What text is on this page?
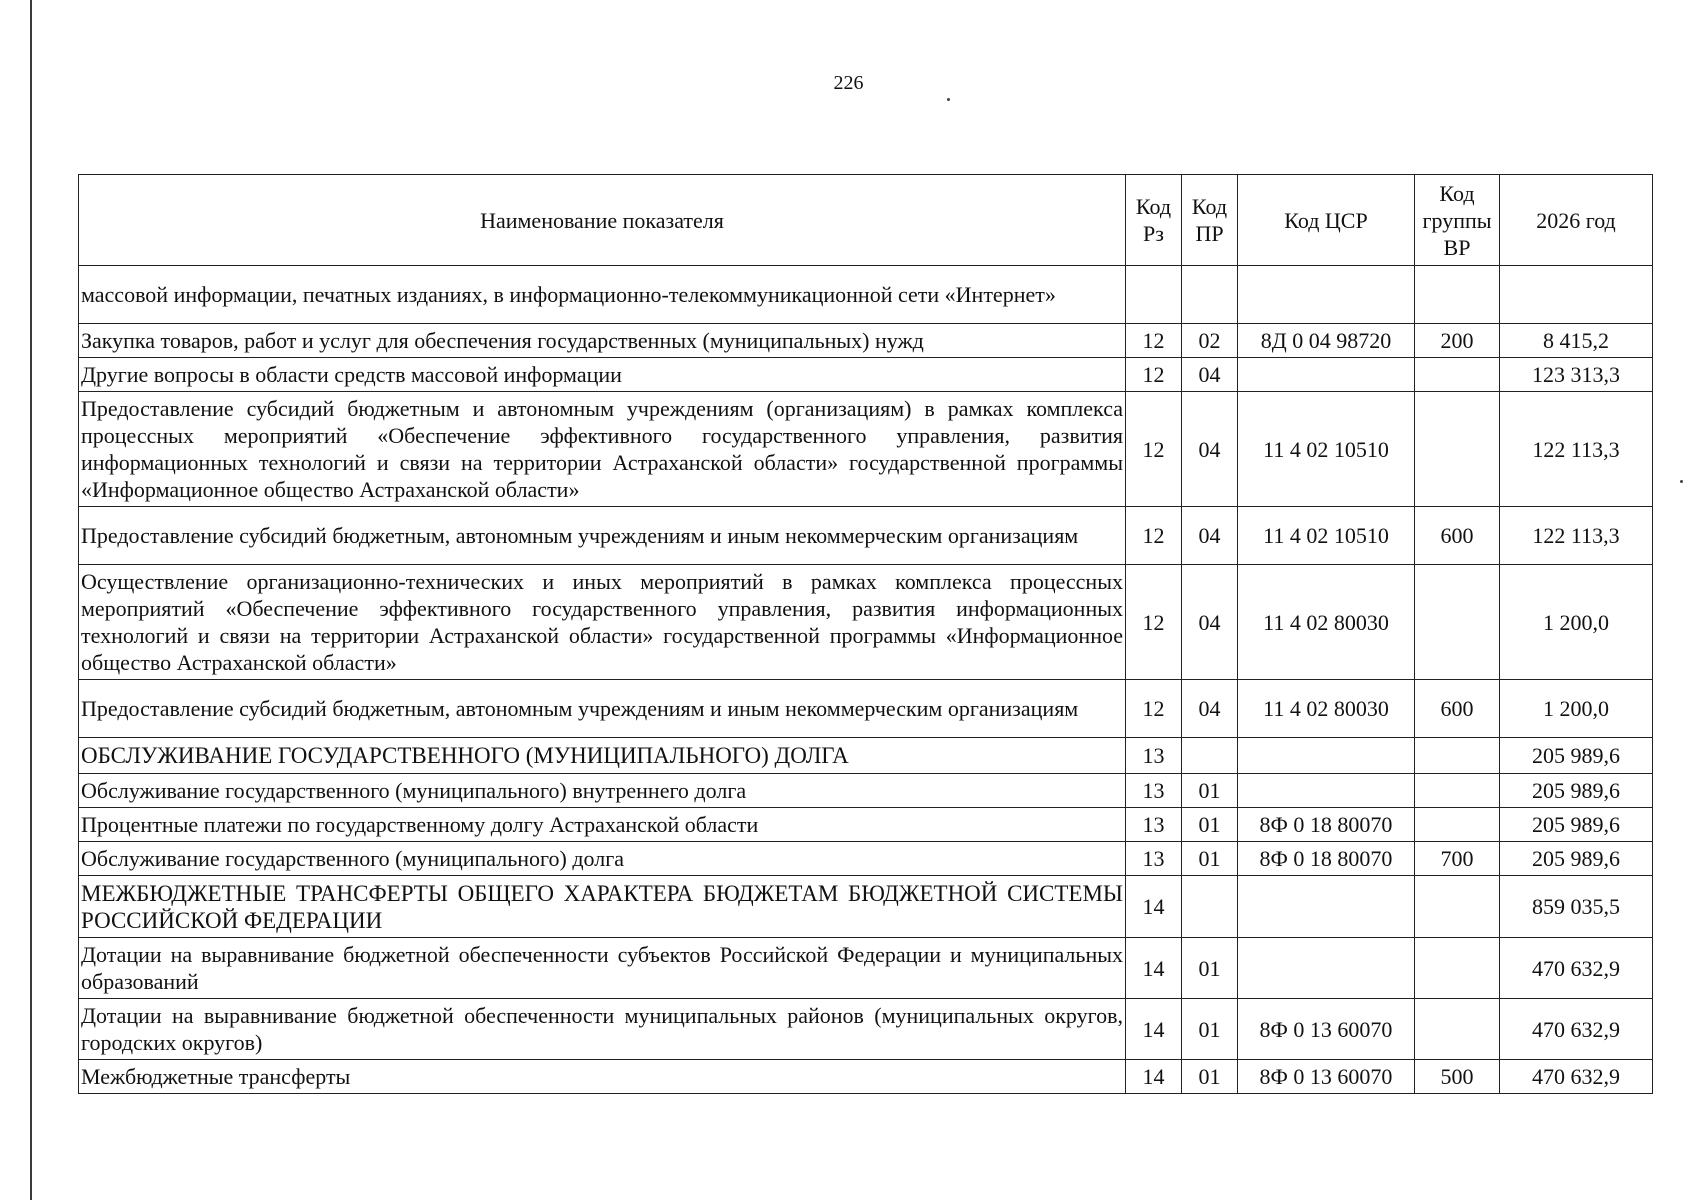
226
Наименование показателя	Код Рз	Код ПР	Код ЦСР	Код группы ВР	2026 год
массовой информации, печатных изданиях, в информационно-телекоммуникационной сети «Интернет»					
Закупка товаров, работ и услуг для обеспечения государственных (муниципальных) нужд	12	02	8Д 0 04 98720	200	8 415,2
Другие вопросы в области средств массовой информации	12	04			123 313,3
Предоставление субсидий бюджетным и автономным учреждениям (организациям) в рамках комплекса процессных мероприятий «Обеспечение эффективного государственного управления, развития информационных технологий и связи на территории Астраханской области» государственной программы «Информационное общество Астраханской области»	12	04	11 4 02 10510		122 113,3
Предоставление субсидий бюджетным, автономным учреждениям и иным некоммерческим организациям	12	04	11 4 02 10510	600	122 113,3
Осуществление организационно-технических и иных мероприятий в рамках комплекса процессных мероприятий «Обеспечение эффективного государственного управления, развития информационных технологий и связи на территории Астраханской области» государственной программы «Информационное общество Астраханской области»	12	04	11 4 02 80030		1 200,0
Предоставление субсидий бюджетным, автономным учреждениям и иным некоммерческим организациям	12	04	11 4 02 80030	600	1 200,0
ОБСЛУЖИВАНИЕ ГОСУДАРСТВЕННОГО (МУНИЦИПАЛЬНОГО) ДОЛГА	13				205 989,6
Обслуживание государственного (муниципального) внутреннего долга	13	01			205 989,6
Процентные платежи по государственному долгу Астраханской области	13	01	8Ф 0 18 80070		205 989,6
Обслуживание государственного (муниципального) долга	13	01	8Ф 0 18 80070	700	205 989,6
МЕЖБЮДЖЕТНЫЕ ТРАНСФЕРТЫ ОБЩЕГО ХАРАКТЕРА БЮДЖЕТАМ БЮДЖЕТНОЙ СИСТЕМЫ РОССИЙСКОЙ ФЕДЕРАЦИИ	14				859 035,5
Дотации на выравнивание бюджетной обеспеченности субъектов Российской Федерации и муниципальных образований	14	01			470 632,9
Дотации на выравнивание бюджетной обеспеченности муниципальных районов (муниципальных округов, городских округов)	14	01	8Ф 0 13 60070		470 632,9
Межбюджетные трансферты	14	01	8Ф 0 13 60070	500	470 632,9
